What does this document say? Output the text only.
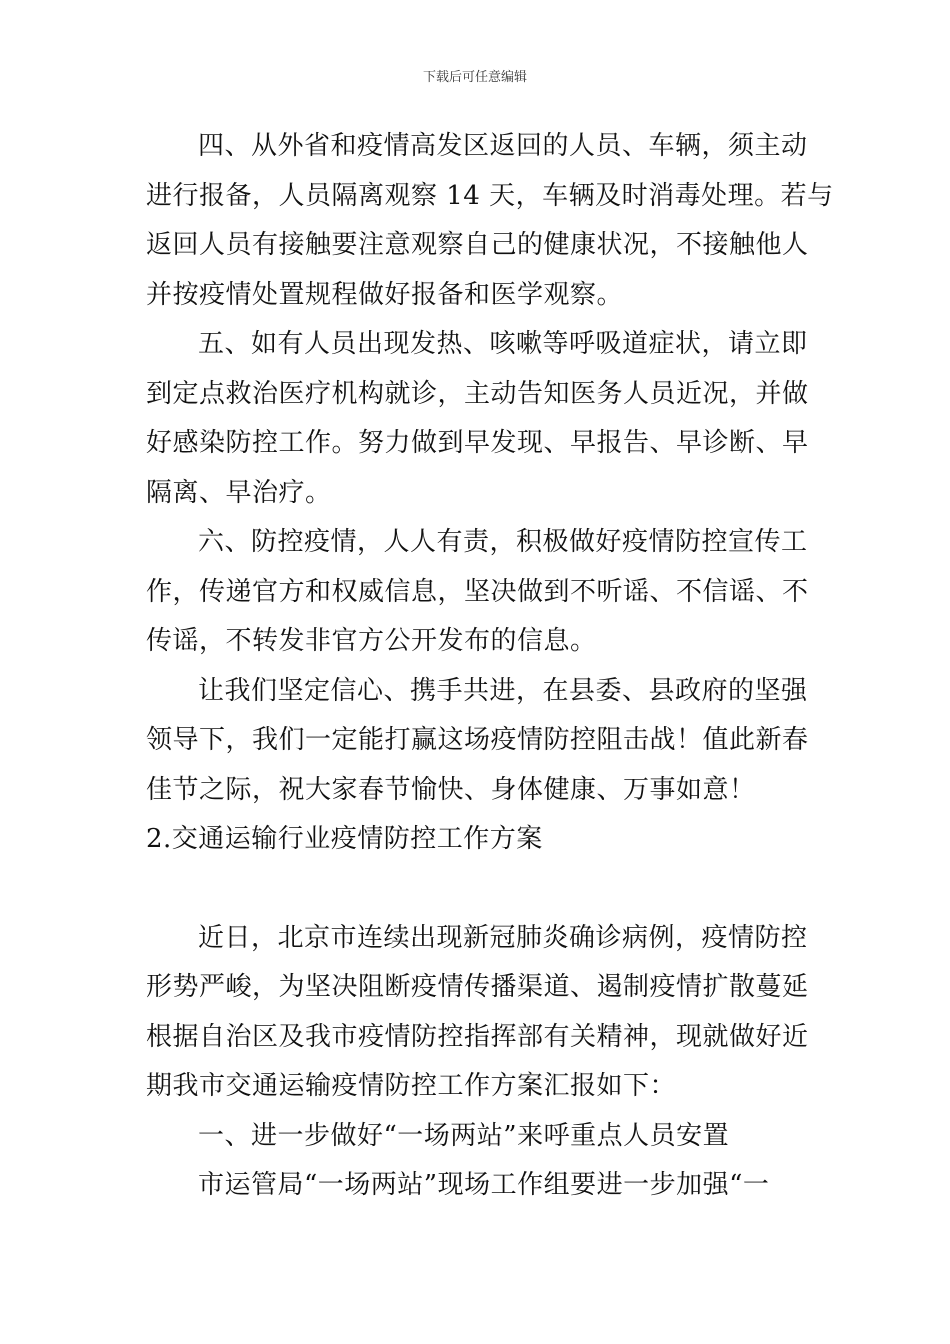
下载后可任意编辑
四、从外省和疫情高发区返回的人员、车辆，须主动
进行报备，人员隔离观察 14 天，车辆及时消毒处理。若与
返回人员有接触要注意观察自己的健康状况，不接触他人
并按疫情处置规程做好报备和医学观察。
五、如有人员出现发热、咳嗽等呼吸道症状，请立即
到定点救治医疗机构就诊，主动告知医务人员近况，并做
好感染防控工作。努力做到早发现、早报告、早诊断、早
隔离、早治疗。
六、防控疫情，人人有责，积极做好疫情防控宣传工
作，传递官方和权威信息，坚决做到不听谣、不信谣、不
传谣，不转发非官方公开发布的信息。
让我们坚定信心、携手共进，在县委、县政府的坚强
领导下，我们一定能打赢这场疫情防控阻击战！值此新春
佳节之际，祝大家春节愉快、身体健康、万事如意！
2.交通运输行业疫情防控工作方案
近日，北京市连续出现新冠肺炎确诊病例，疫情防控
形势严峻，为坚决阻断疫情传播渠道、遏制疫情扩散蔓延
根据自治区及我市疫情防控指挥部有关精神，现就做好近
期我市交通运输疫情防控工作方案汇报如下：
一、进一步做好“一场两站”来呼重点人员安置
市运管局“一场两站”现场工作组要进一步加强“一
